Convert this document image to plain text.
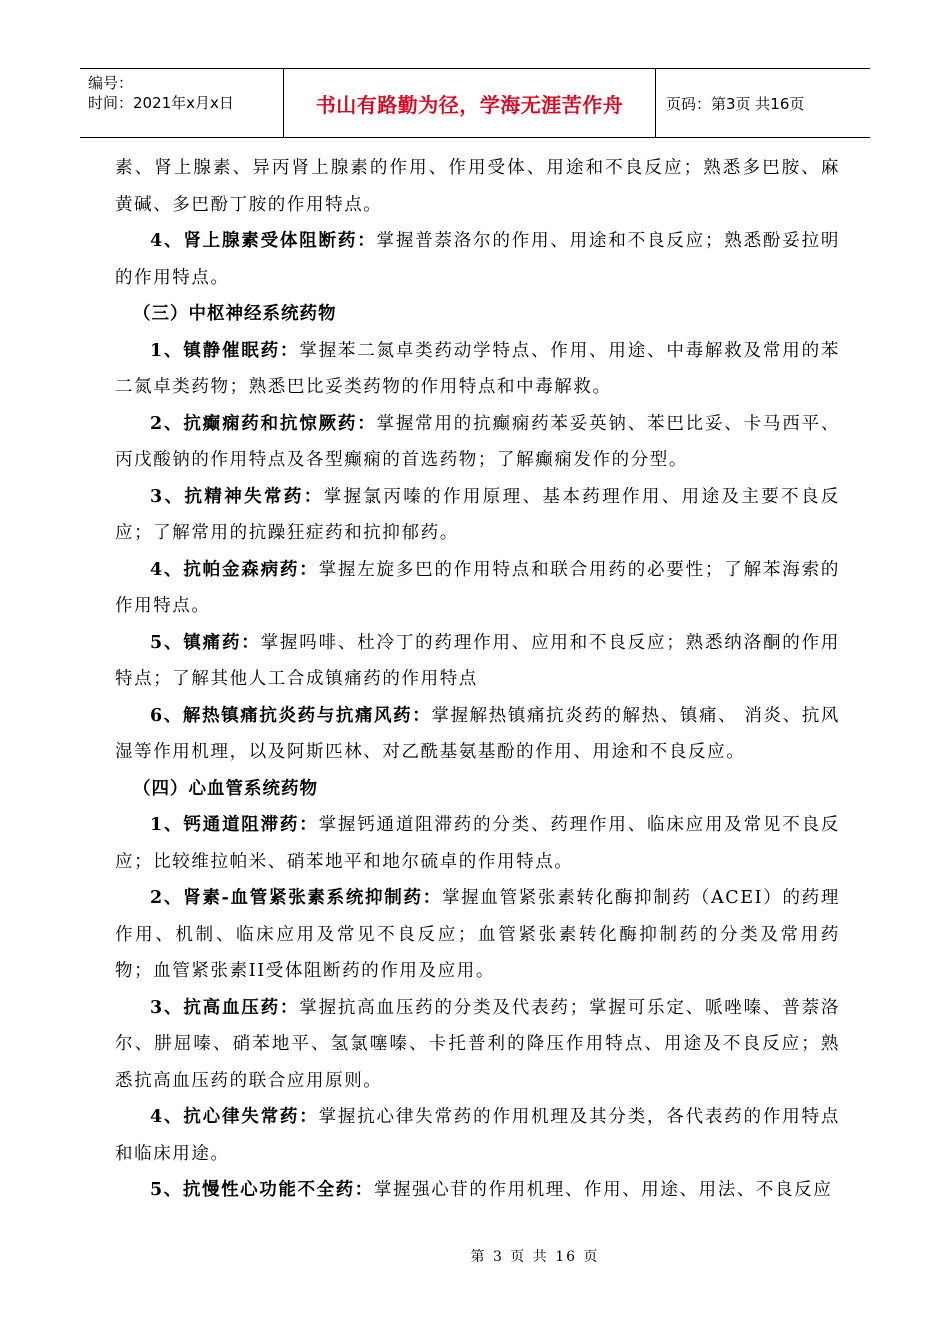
编号：
时间：2021年x月x日	书山有路勤为径，学海无涯苦作舟	页码：第3页 共16页

素、肾上腺素、异丙肾上腺素的作用、作用受体、用途和不良反应；熟悉多巴胺、麻黄碱、多巴酚丁胺的作用特点。

4、肾上腺素受体阻断药：掌握普萘洛尔的作用、用途和不良反应；熟悉酚妥拉明的作用特点。

（三）中枢神经系统药物

1、镇静催眠药：掌握苯二氮卓类药动学特点、作用、用途、中毒解救及常用的苯二氮卓类药物；熟悉巴比妥类药物的作用特点和中毒解救。

2、抗癫痫药和抗惊厥药：掌握常用的抗癫痫药苯妥英钠、苯巴比妥、卡马西平、丙戊酸钠的作用特点及各型癫痫的首选药物；了解癫痫发作的分型。

3、抗精神失常药：掌握氯丙嗪的作用原理、基本药理作用、用途及主要不良反应；了解常用的抗躁狂症药和抗抑郁药。

4、抗帕金森病药：掌握左旋多巴的作用特点和联合用药的必要性；了解苯海索的作用特点。

5、镇痛药：掌握吗啡、杜冷丁的药理作用、应用和不良反应；熟悉纳洛酮的作用特点；了解其他人工合成镇痛药的作用特点

6、解热镇痛抗炎药与抗痛风药：掌握解热镇痛抗炎药的解热、镇痛、 消炎、抗风湿等作用机理，以及阿斯匹林、对乙酰基氨基酚的作用、用途和不良反应。

（四）心血管系统药物

1、钙通道阻滞药：掌握钙通道阻滞药的分类、药理作用、临床应用及常见不良反应；比较维拉帕米、硝苯地平和地尔硫卓的作用特点。

2、肾素-血管紧张素系统抑制药：掌握血管紧张素转化酶抑制药（ACEI）的药理作用、机制、临床应用及常见不良反应；血管紧张素转化酶抑制药的分类及常用药物；血管紧张素II受体阻断药的作用及应用。

3、抗高血压药：掌握抗高血压药的分类及代表药；掌握可乐定、哌唑嗪、普萘洛尔、肼屈嗪、硝苯地平、氢氯噻嗪、卡托普利的降压作用特点、用途及不良反应；熟悉抗高血压药的联合应用原则。

4、抗心律失常药：掌握抗心律失常药的作用机理及其分类，各代表药的作用特点和临床用途。

5、抗慢性心功能不全药：掌握强心苷的作用机理、作用、用途、用法、不良反应

第 3 页 共 16 页
